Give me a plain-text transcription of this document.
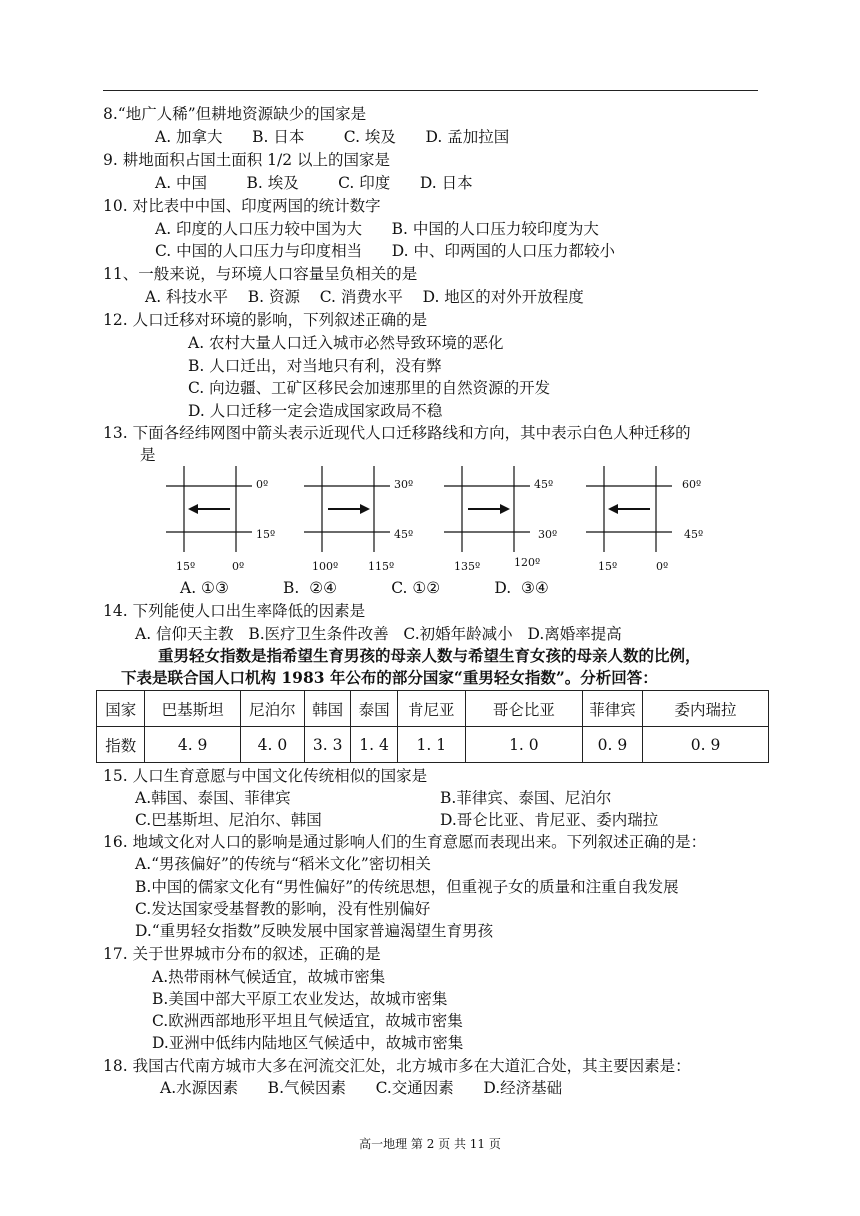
8.“地广人稀”但耕地资源缺少的国家是
A. 加拿大      B. 日本        C. 埃及      D. 孟加拉国
9. 耕地面积占国土面积 1/2 以上的国家是
A. 中国        B. 埃及        C. 印度      D. 日本
10. 对比表中中国、印度两国的统计数字
A. 印度的人口压力较中国为大      B. 中国的人口压力较印度为大
C. 中国的人口压力与印度相当      D. 中、印两国的人口压力都较小
11、一般来说，与环境人口容量呈负相关的是
A. 科技水平    B. 资源    C. 消费水平    D. 地区的对外开放程度
12. 人口迁移对环境的影响，下列叙述正确的是
A. 农村大量人口迁入城市必然导致环境的恶化
B. 人口迁出，对当地只有利，没有弊
C. 向边疆、工矿区移民会加速那里的自然资源的开发
D. 人口迁移一定会造成国家政局不稳
13. 下面各经纬网图中箭头表示近现代人口迁移路线和方向，其中表示白色人种迁移的
是
0º
15º
15º	0º
30º
45º
100º	115º
45º
30º
135º	120º
60º
45º
15º	0º
A. ①③           B.  ②④           C. ①②           D.  ③④
14. 下列能使人口出生率降低的因素是
A. 信仰天主教   B.医疗卫生条件改善   C.初婚年龄减小   D.离婚率提高
重男轻女指数是指希望生育男孩的母亲人数与希望生育女孩的母亲人数的比例，
下表是联合国人口机构 1983 年公布的部分国家“重男轻女指数”。分析回答：
国家	巴基斯坦	尼泊尔	韩国	泰国	肯尼亚	哥仑比亚	菲律宾	委内瑞拉
指数	4. 9	4. 0	3. 3	1. 4	1. 1	1. 0	0. 9	0. 9
15. 人口生育意愿与中国文化传统相似的国家是
A.韩国、泰国、菲律宾	B.菲律宾、泰国、尼泊尔
C.巴基斯坦、尼泊尔、韩国	D.哥仑比亚、肯尼亚、委内瑞拉
16. 地域文化对人口的影响是通过影响人们的生育意愿而表现出来。下列叙述正确的是：
A.“男孩偏好”的传统与“稻米文化”密切相关
B.中国的儒家文化有“男性偏好”的传统思想，但重视子女的质量和注重自我发展
C.发达国家受基督教的影响，没有性别偏好
D.“重男轻女指数”反映发展中国家普遍渴望生育男孩
17. 关于世界城市分布的叙述，正确的是
A.热带雨林气候适宜，故城市密集
B.美国中部大平原工农业发达，故城市密集
C.欧洲西部地形平坦且气候适宜，故城市密集
D.亚洲中低纬内陆地区气候适中，故城市密集
18. 我国古代南方城市大多在河流交汇处，北方城市多在大道汇合处，其主要因素是：
A.水源因素      B.气候因素      C.交通因素      D.经济基础
高一地理 第 2 页 共 11 页
